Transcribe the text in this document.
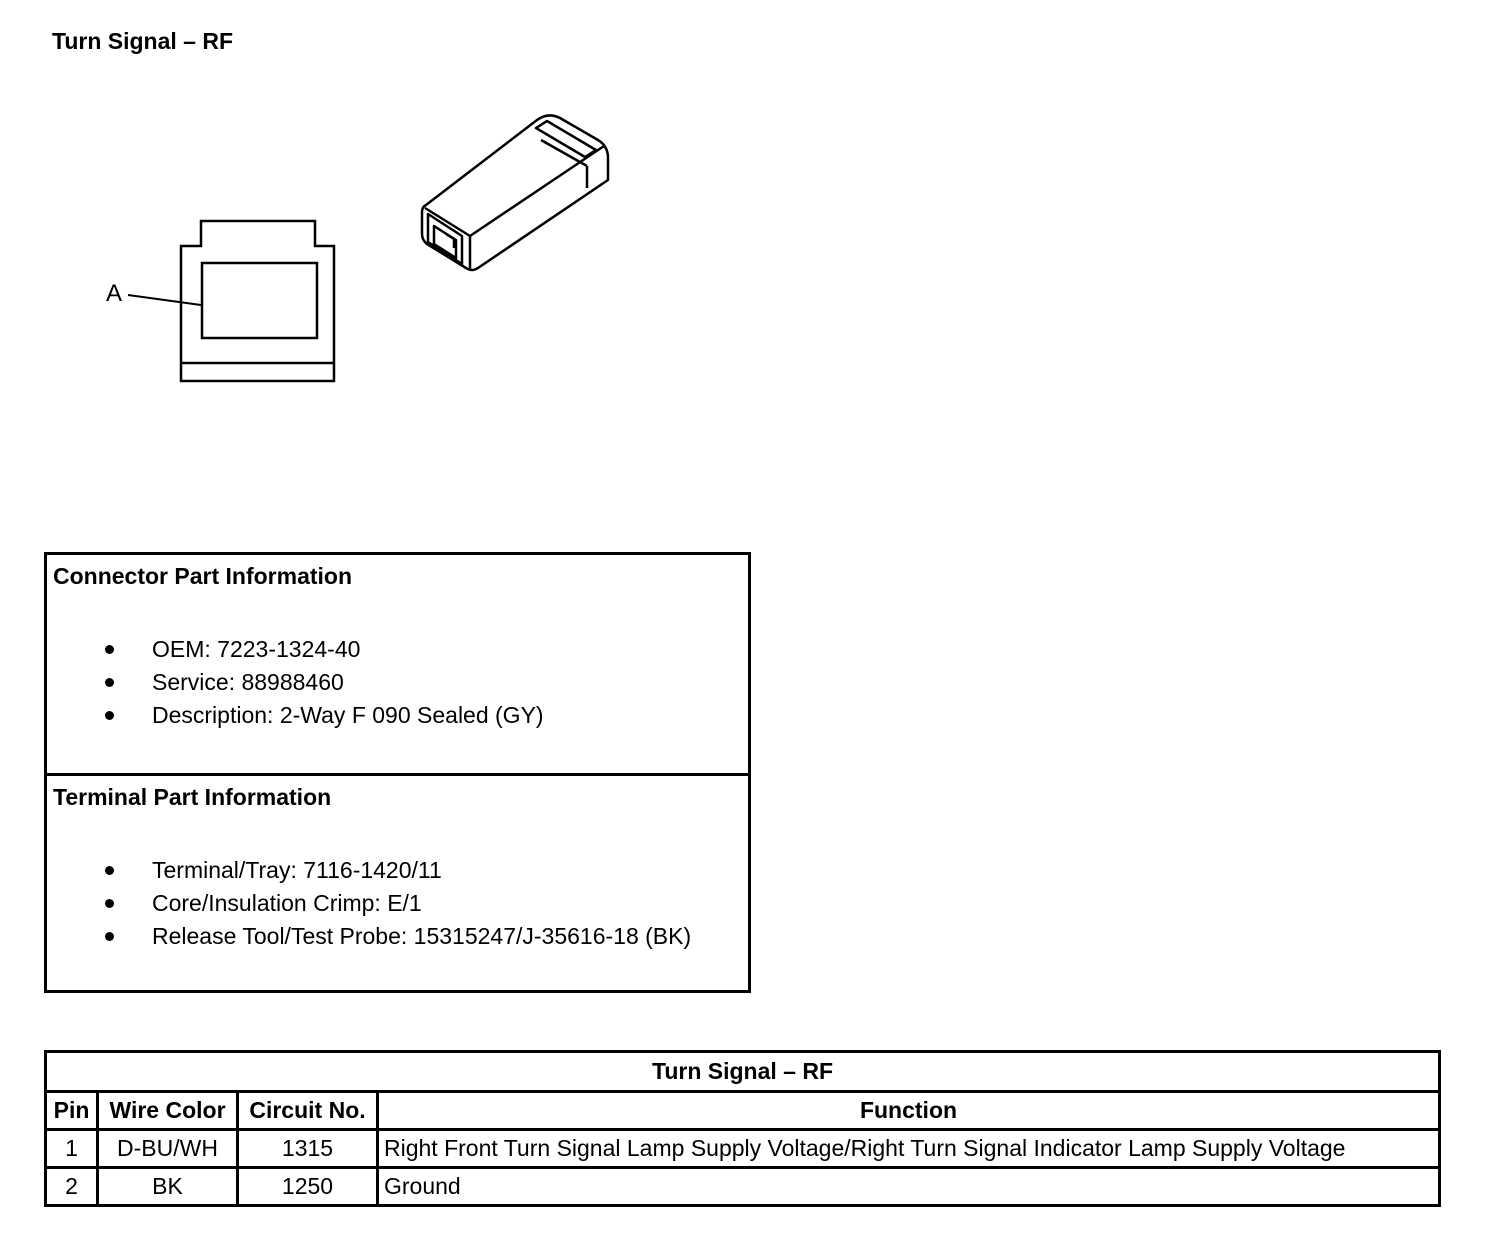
Turn Signal – RF
A
Connector Part Information
OEM: 7223-1324-40
Service: 88988460
Description: 2-Way F 090 Sealed (GY)
Terminal Part Information
Terminal/Tray: 7116-1420/11
Core/Insulation Crimp: E/1
Release Tool/Test Probe: 15315247/J-35616-18 (BK)
Turn Signal – RF			
Pin	Wire Color	Circuit No.	Function
1	D-BU/WH	1315	Right Front Turn Signal Lamp Supply Voltage/Right Turn Signal Indicator Lamp Supply Voltage
2	BK	1250	Ground
